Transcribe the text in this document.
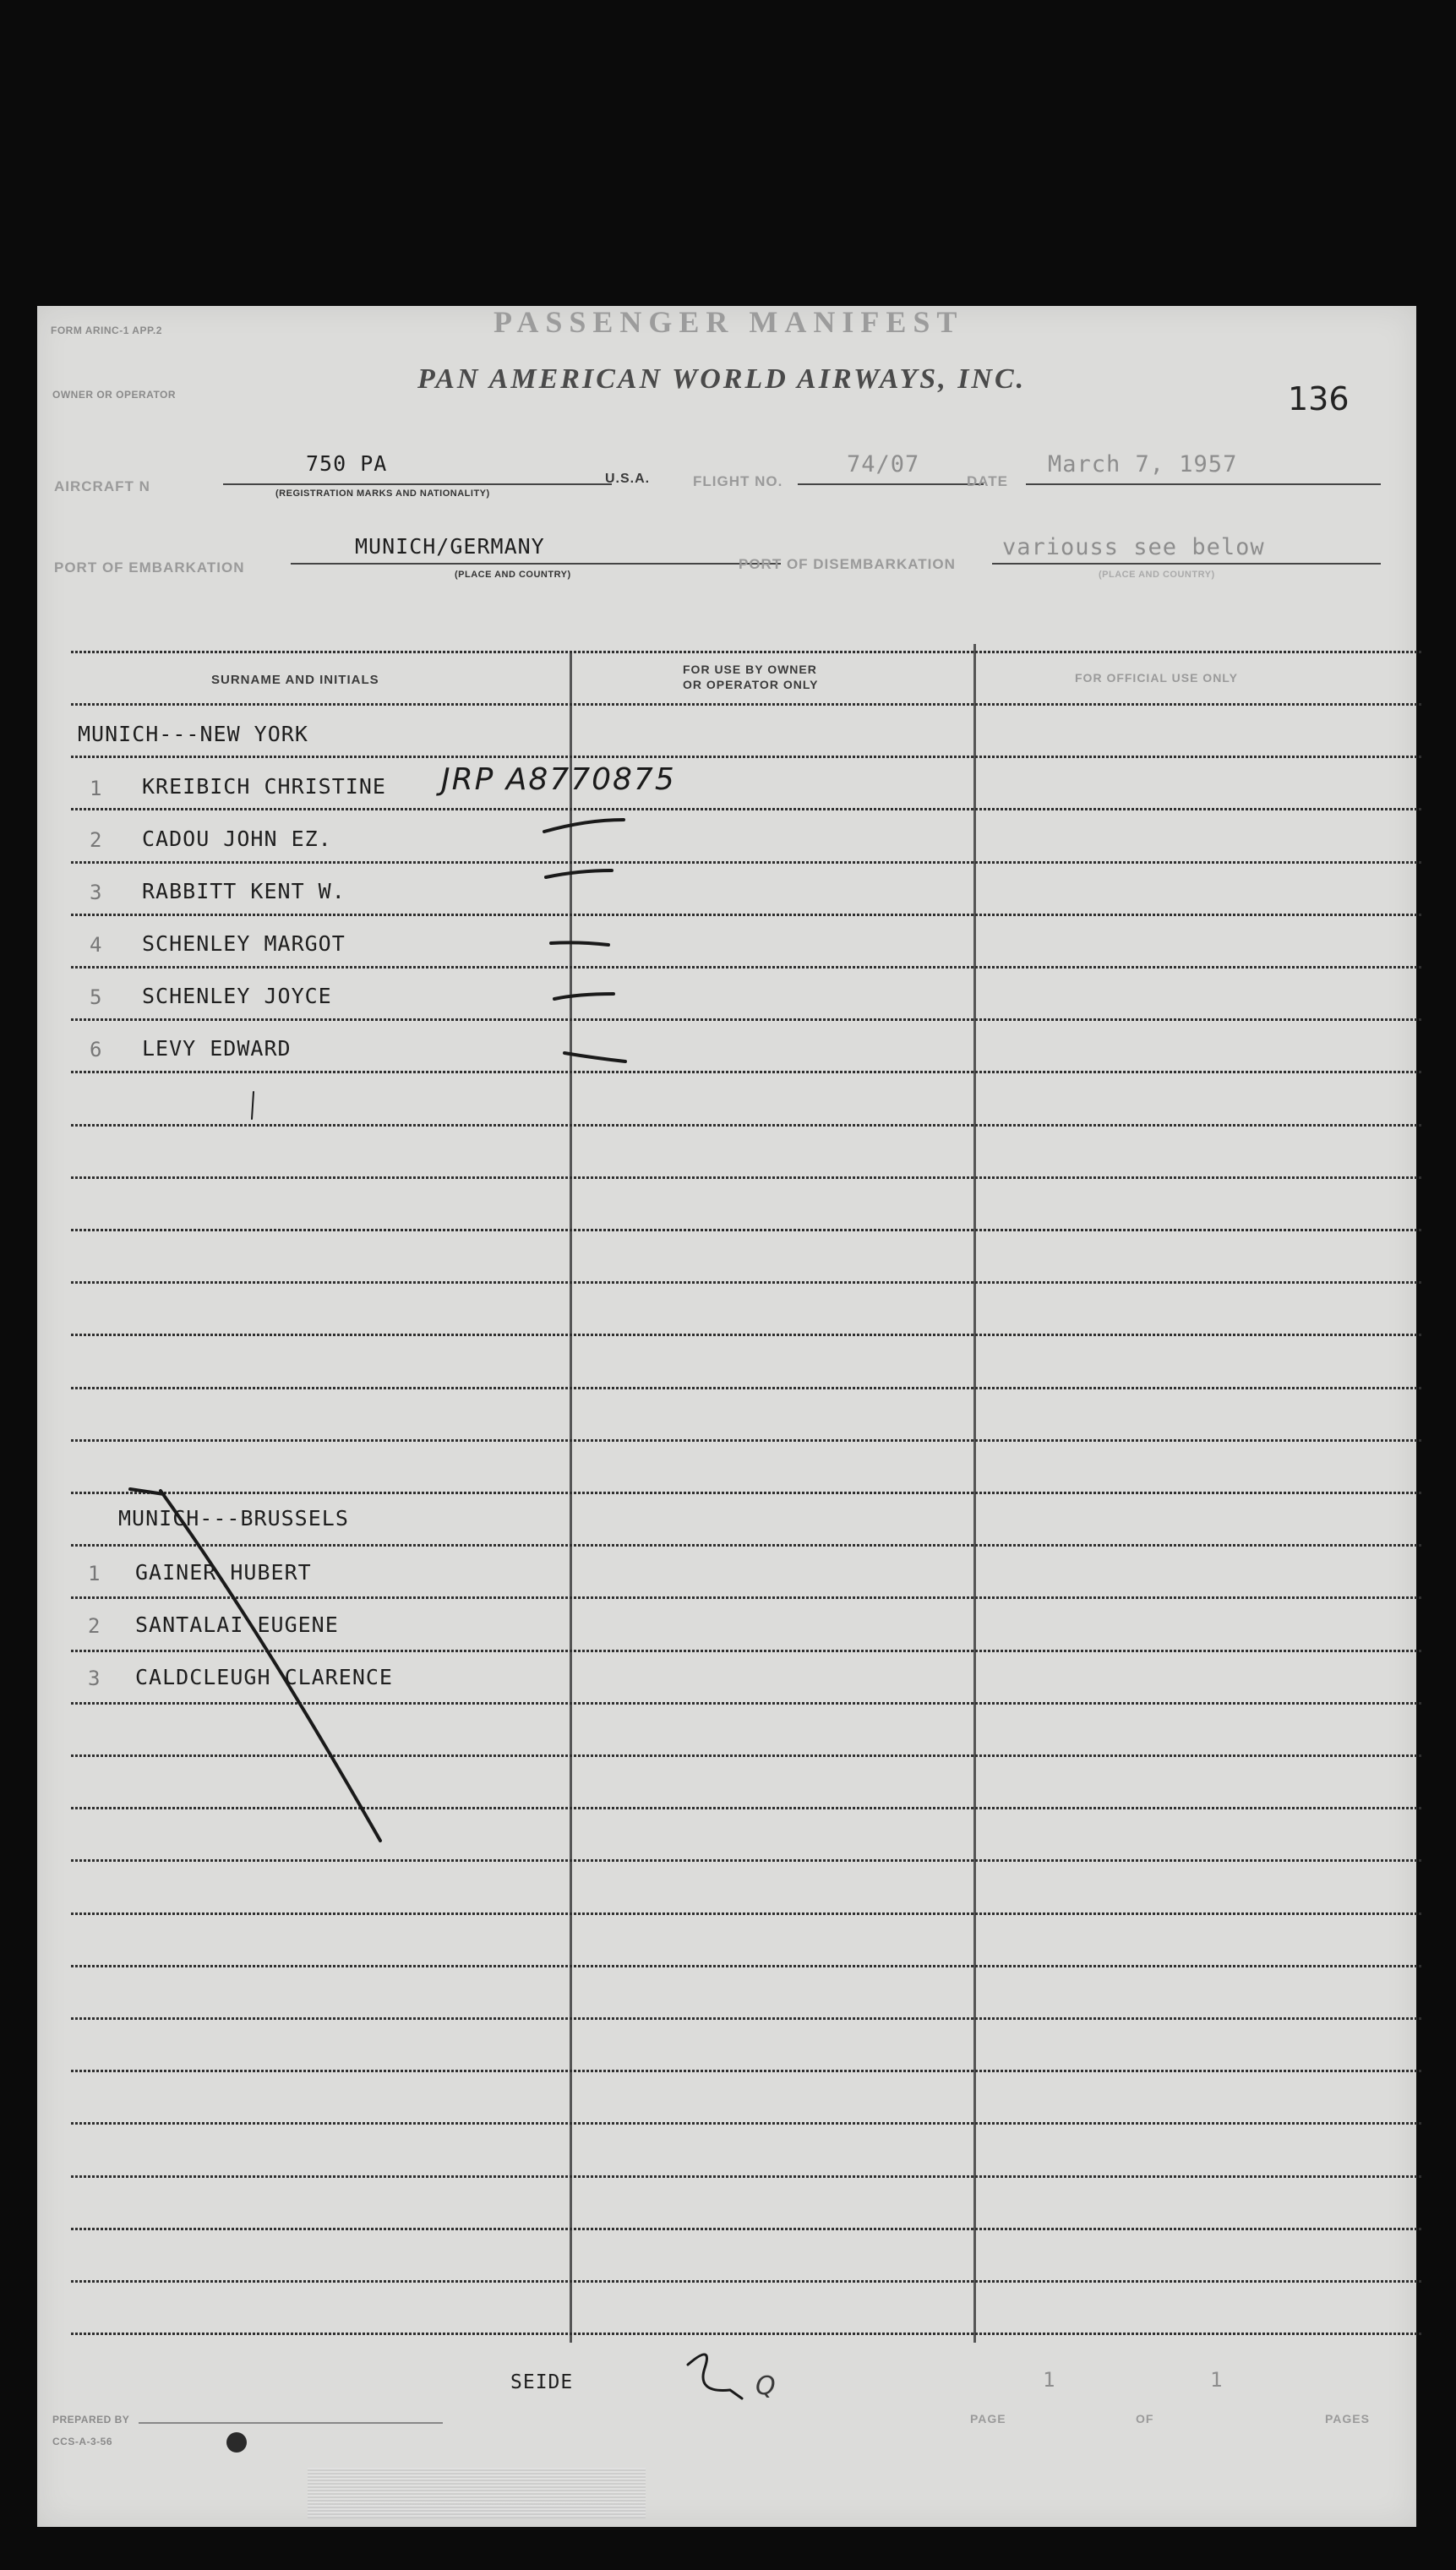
FORM ARINC-1 APP.2	PASSENGER MANIFEST
136
OWNER OR OPERATOR	PAN AMERICAN WORLD AIRWAYS, INC.
AIRCRAFT N
750 PA
(REGISTRATION MARKS AND NATIONALITY)
U.S.A.	FLIGHT NO.
74/07
DATE
March 7, 1957
PORT OF EMBARKATION
MUNICH/GERMANY
(PLACE AND COUNTRY)
PORT OF DISEMBARKATION
variouss see below
(PLACE AND COUNTRY)
SURNAME AND INITIALS
FOR USE BY OWNER
OR OPERATOR ONLY	FOR OFFICIAL USE ONLY
MUNICH---NEW YORK
1 KREIBICH CHRISTINE JRP A8770875
2 CADOU JOHN EZ.
3 RABBITT KENT W.
4 SCHENLEY MARGOT
5 SCHENLEY JOYCE
6 LEVY EDWARD
MUNICH---BRUSSELS
1 GAINER HUBERT
2 SANTALAI EUGENE
3 CALDCLEUGH CLARENCE
SEIDE	Q
PAGE
1
OF
1
PAGES
PREPARED BY
CCS-A-3-56
